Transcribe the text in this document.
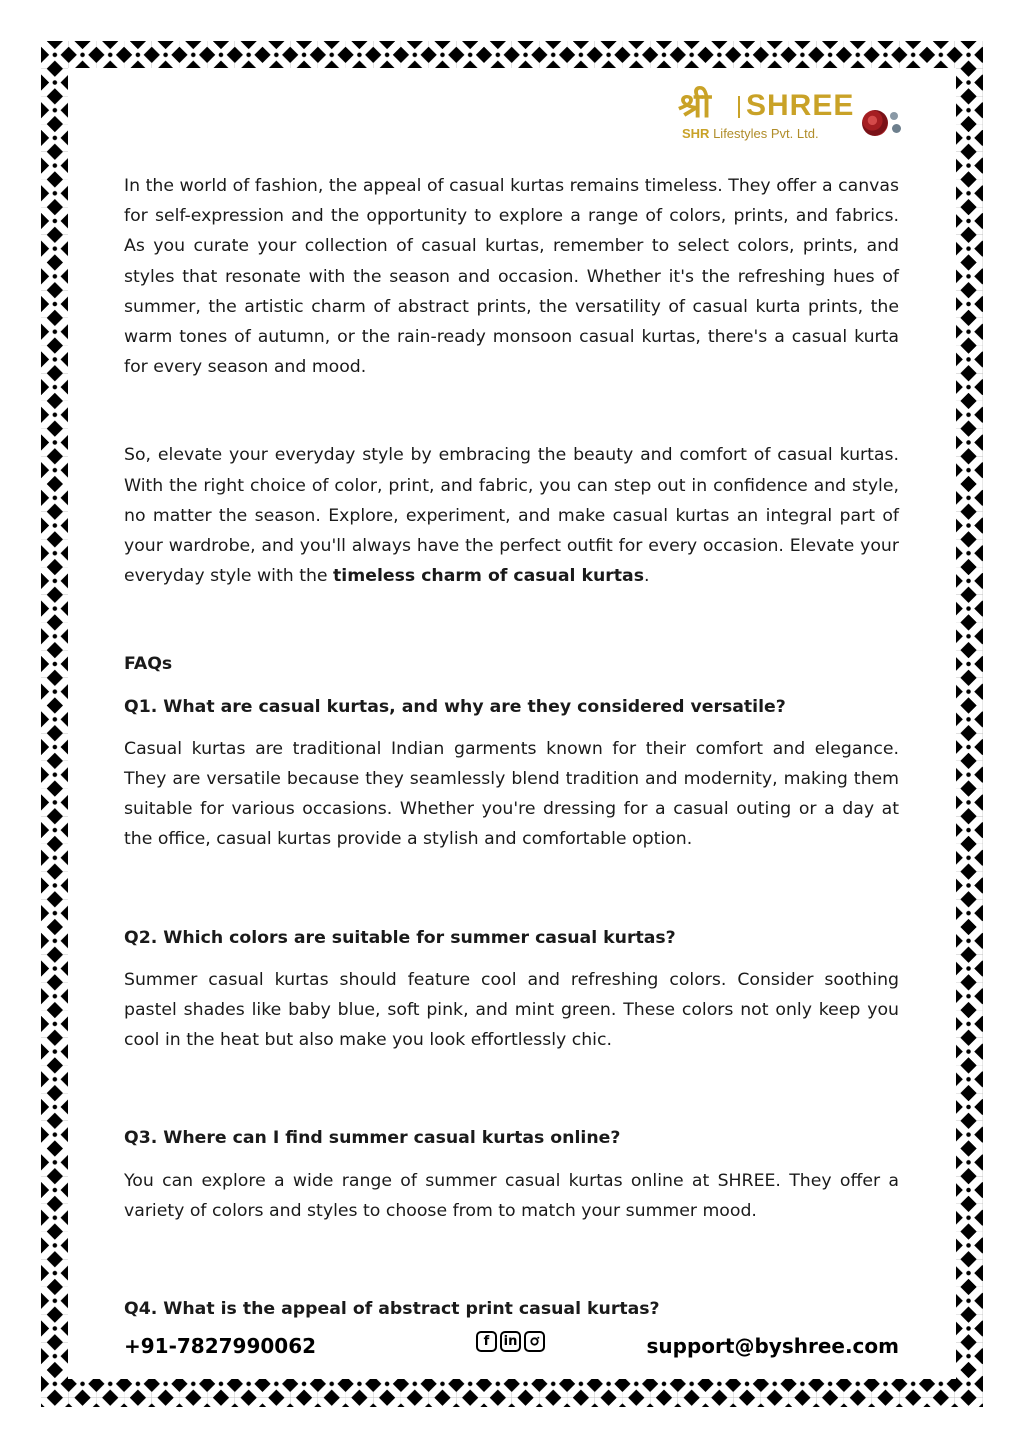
श्री SHREE
SHR Lifestyles Pvt. Ltd.

In the world of fashion, the appeal of casual kurtas remains timeless. They offer a canvas for self-expression and the opportunity to explore a range of colors, prints, and fabrics. As you curate your collection of casual kurtas, remember to select colors, prints, and styles that resonate with the season and occasion. Whether it's the refreshing hues of summer, the artistic charm of abstract prints, the versatility of casual kurta prints, the warm tones of autumn, or the rain-ready monsoon casual kurtas, there's a casual kurta for every season and mood.

So, elevate your everyday style by embracing the beauty and comfort of casual kurtas. With the right choice of color, print, and fabric, you can step out in confidence and style, no matter the season. Explore, experiment, and make casual kurtas an integral part of your wardrobe, and you'll always have the perfect outfit for every occasion. Elevate your everyday style with the timeless charm of casual kurtas.

FAQs

Q1. What are casual kurtas, and why are they considered versatile?

Casual kurtas are traditional Indian garments known for their comfort and elegance. They are versatile because they seamlessly blend tradition and modernity, making them suitable for various occasions. Whether you're dressing for a casual outing or a day at the office, casual kurtas provide a stylish and comfortable option.

Q2. Which colors are suitable for summer casual kurtas?

Summer casual kurtas should feature cool and refreshing colors. Consider soothing pastel shades like baby blue, soft pink, and mint green. These colors not only keep you cool in the heat but also make you look effortlessly chic.

Q3. Where can I find summer casual kurtas online?

You can explore a wide range of summer casual kurtas online at SHREE. They offer a variety of colors and styles to choose from to match your summer mood.

Q4. What is the appeal of abstract print casual kurtas?

+91-7827990062	f	in	support@byshree.com
